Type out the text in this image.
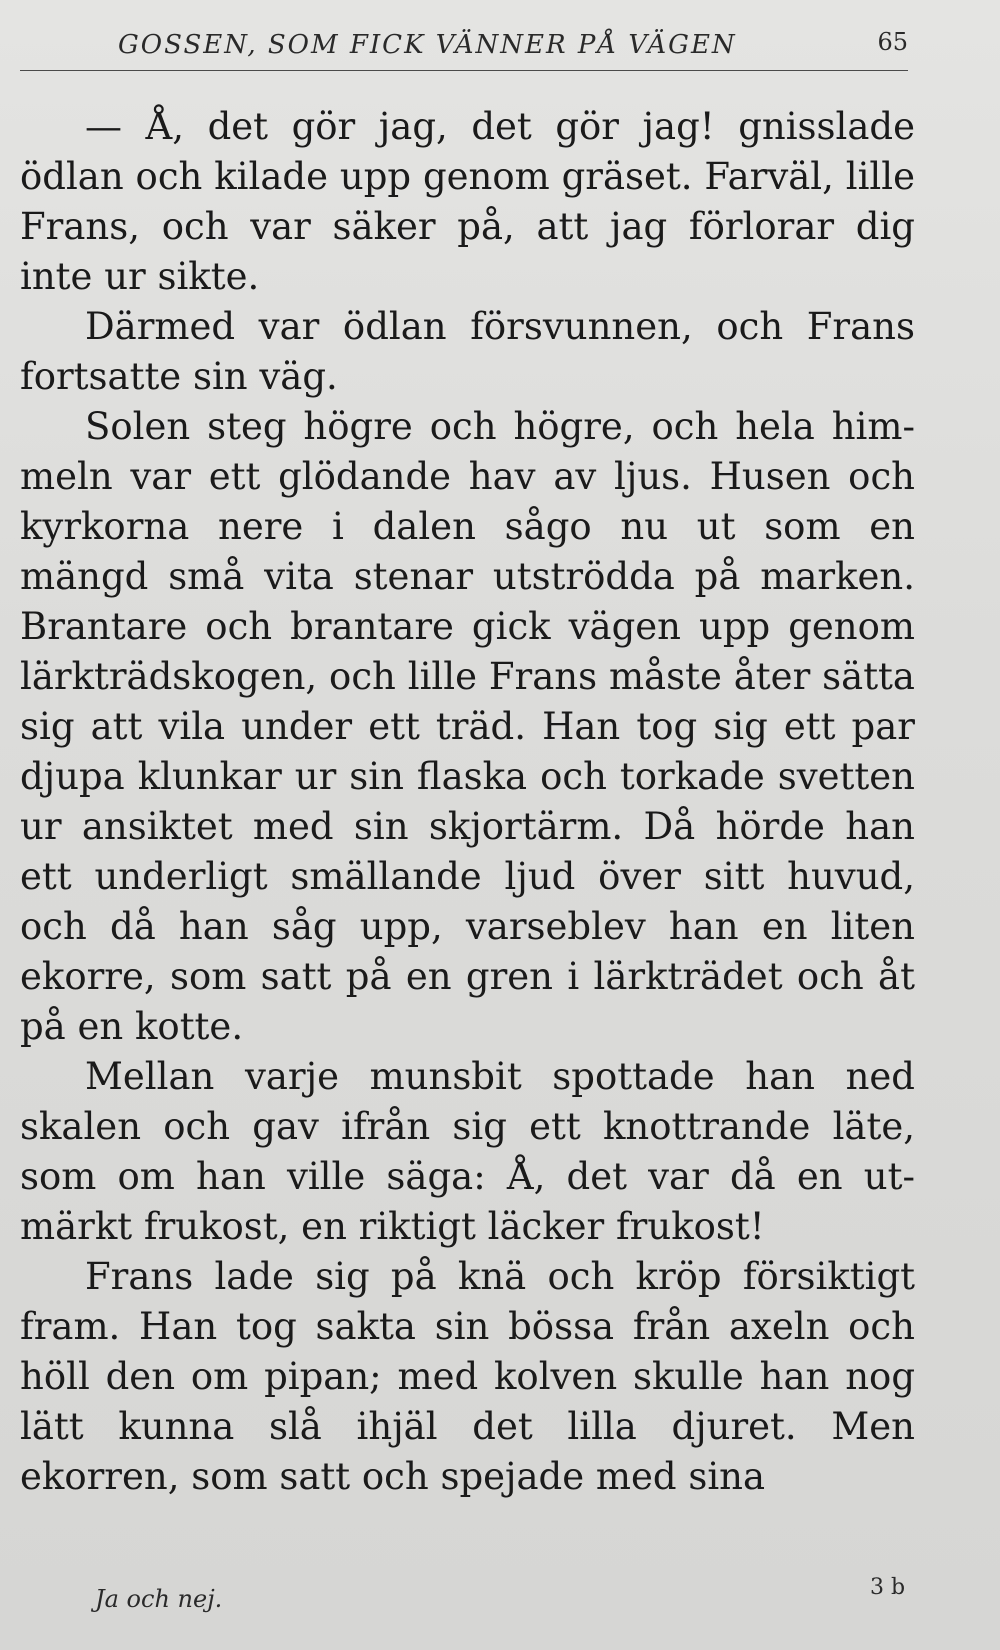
GOSSEN, SOM FICK VÄNNER PÅ VÄGEN	65

— Å, det gör jag, det gör jag! gnisslade ödlan och kilade upp genom gräset. Farväl, lille Frans, och var säker på, att jag förlorar dig inte ur sikte.

Därmed var ödlan försvunnen, och Frans fortsatte sin väg.

Solen steg högre och högre, och hela himmeln var ett glödande hav av ljus. Husen och kyrkorna nere i dalen sågo nu ut som en mängd små vita stenar utströdda på marken. Brantare och brantare gick vägen upp genom lärkträdskogen, och lille Frans måste åter sätta sig att vila under ett träd. Han tog sig ett par djupa klunkar ur sin flaska och torkade svetten ur ansiktet med sin skjortärm. Då hörde han ett underligt smällande ljud över sitt huvud, och då han såg upp, varseblev han en liten ekorre, som satt på en gren i lärkträdet och åt på en kotte.

Mellan varje munsbit spottade han ned skalen och gav ifrån sig ett knottrande läte, som om han ville säga: Å, det var då en utmärkt frukost, en riktigt läcker frukost!

Frans lade sig på knä och kröp försiktigt fram. Han tog sakta sin bössa från axeln och höll den om pipan; med kolven skulle han nog lätt kunna slå ihjäl det lilla djuret. Men ekorren, som satt och spejade med sina

Ja och nej.	3 b
